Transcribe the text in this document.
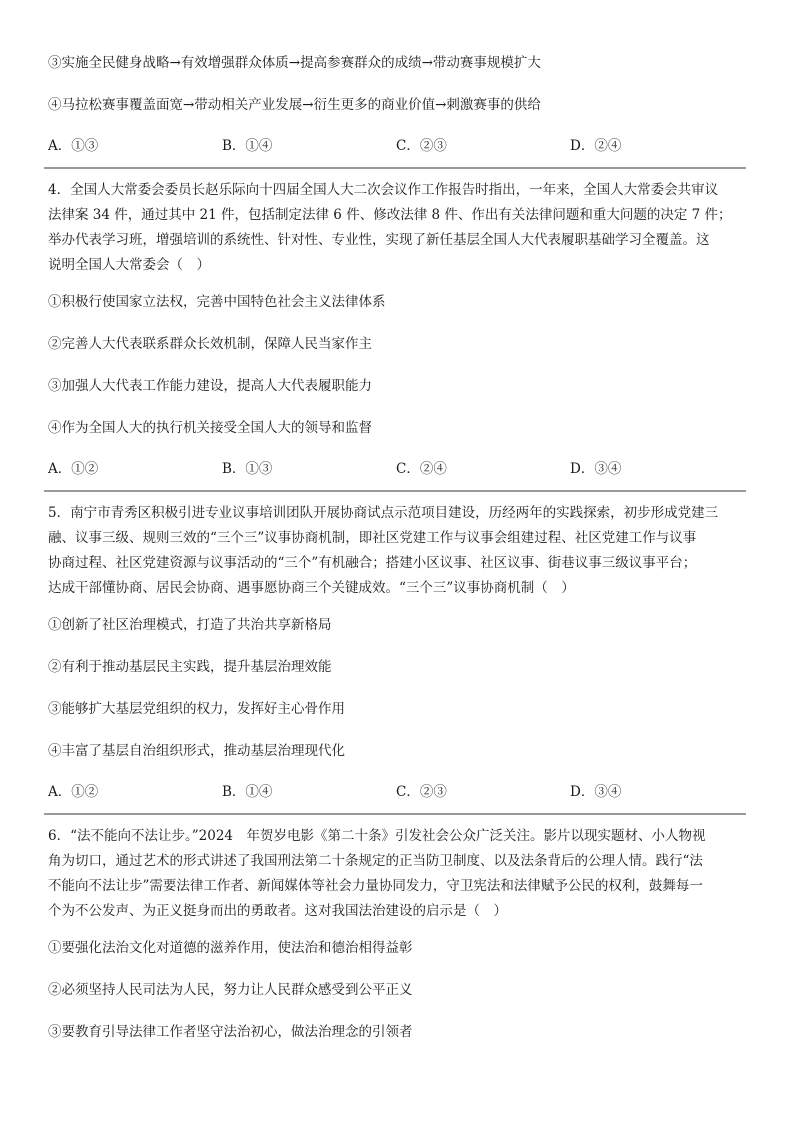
③实施全民健身战略→有效增强群众体质→提高参赛群众的成绩→带动赛事规模扩大
④马拉松赛事覆盖面宽→带动相关产业发展→衍生更多的商业价值→刺激赛事的供给
A．①③	B．①④	C．②③	D．②④
4．全国人大常委会委员长赵乐际向十四届全国人大二次会议作工作报告时指出，一年来，全国人大常委会共审议
法律案 34 件，通过其中 21 件，包括制定法律 6 件、修改法律 8 件、作出有关法律问题和重大问题的决定 7 件；
举办代表学习班，增强培训的系统性、针对性、专业性，实现了新任基层全国人大代表履职基础学习全覆盖。这
说明全国人大常委会（　）
①积极行使国家立法权，完善中国特色社会主义法律体系
②完善人大代表联系群众长效机制，保障人民当家作主
③加强人大代表工作能力建设，提高人大代表履职能力
④作为全国人大的执行机关接受全国人大的领导和监督
A．①②	B．①③	C．②④	D．③④
5．南宁市青秀区积极引进专业议事培训团队开展协商试点示范项目建设，历经两年的实践探索，初步形成党建三
融、议事三级、规则三效的“三个三”议事协商机制，即社区党建工作与议事会组建过程、社区党建工作与议事
协商过程、社区党建资源与议事活动的“三个”有机融合；搭建小区议事、社区议事、街巷议事三级议事平台；
达成干部懂协商、居民会协商、遇事愿协商三个关键成效。“三个三”议事协商机制（　）
①创新了社区治理模式，打造了共治共享新格局
②有利于推动基层民主实践，提升基层治理效能
③能够扩大基层党组织的权力，发挥好主心骨作用
④丰富了基层自治组织形式，推动基层治理现代化
A．①②	B．①④	C．②③	D．③④
6．“法不能向不法让步。”2024　年贺岁电影《第二十条》引发社会公众广泛关注。影片以现实题材、小人物视
角为切口，通过艺术的形式讲述了我国刑法第二十条规定的正当防卫制度、以及法条背后的公理人情。践行“法
不能向不法让步”需要法律工作者、新闻媒体等社会力量协同发力，守卫宪法和法律赋予公民的权利，鼓舞每一
个为不公发声、为正义挺身而出的勇敢者。这对我国法治建设的启示是（　）
①要强化法治文化对道德的滋养作用，使法治和德治相得益彰
②必须坚持人民司法为人民，努力让人民群众感受到公平正义
③要教育引导法律工作者坚守法治初心，做法治理念的引领者
